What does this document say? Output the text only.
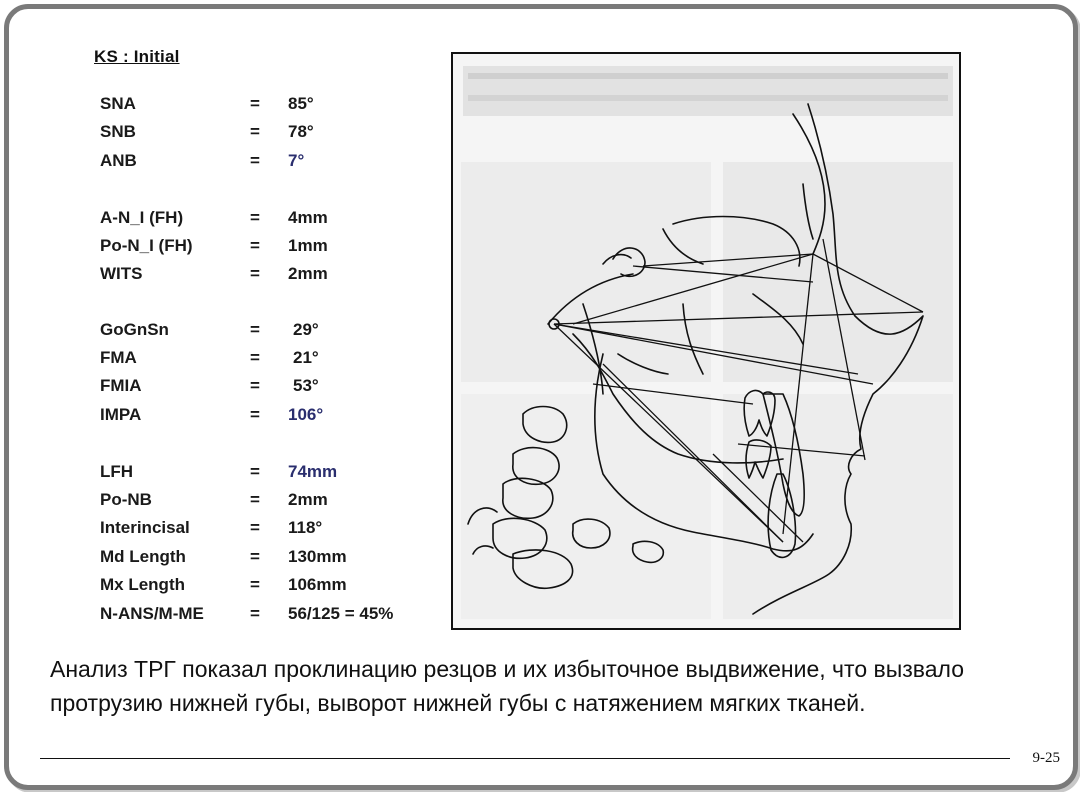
KS : Initial
SNA	= 85°
SNB	= 78°
ANB	= 7°
A-N_I (FH)	= 4mm
Po-N_I (FH)	= 1mm
WITS	= 2mm
GoGnSn	= 29°
FMA	= 21°
FMIA	= 53°
IMPA	= 106°
LFH	= 74mm
Po-NB	= 2mm
Interincisal	= 118°
Md Length	= 130mm
Mx Length	= 106mm
N-ANS/M-ME	= 56/125 = 45%
Анализ ТРГ показал проклинацию резцов и их избыточное выдвижение, что вызвало протрузию нижней губы, выворот нижней губы с натяжением мягких тканей.
9-25
